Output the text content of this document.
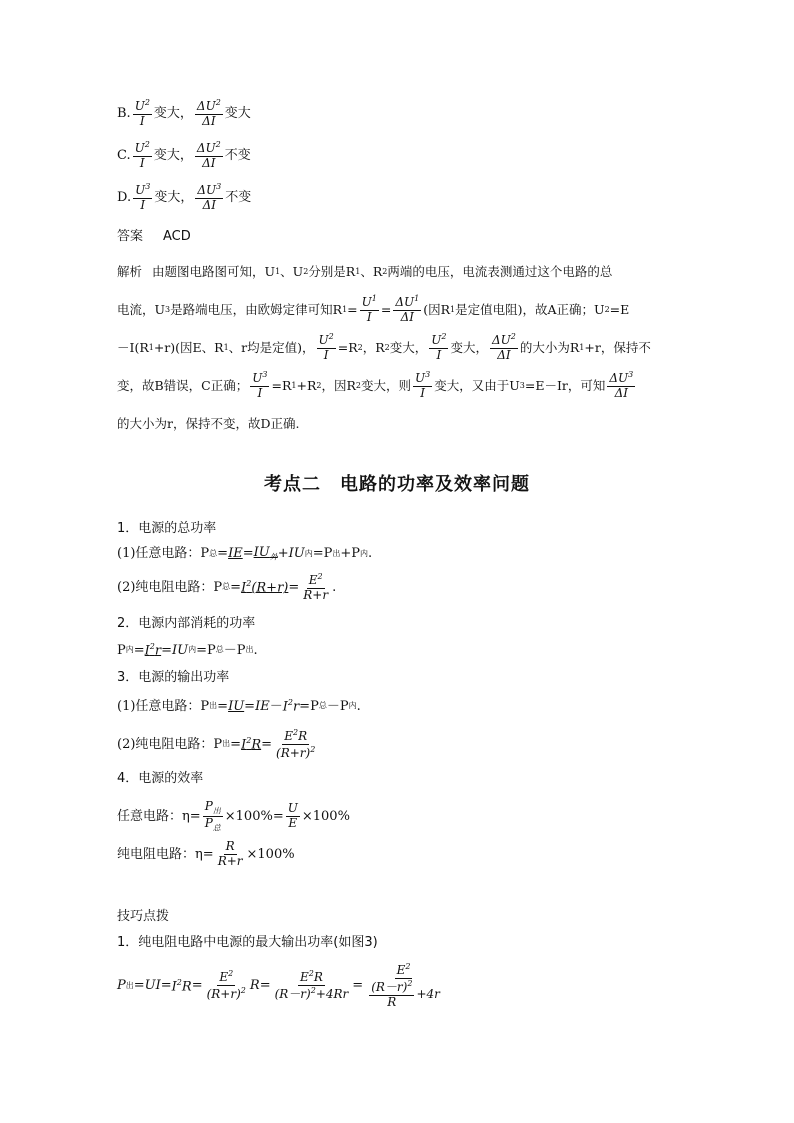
B. $\frac{U^2}{I}$ 变大， $\frac{\Delta U^2}{\Delta I}$ 变大
C. $\frac{U^2}{I}$ 变大， $\frac{\Delta U^2}{\Delta I}$ 不变
D. $\frac{U^3}{I}$ 变大， $\frac{\Delta U^3}{\Delta I}$ 不变
答案 ACD
解析 由题图电路图可知，U 1 、U 2 分别是R 1 、R 2 两端的电压，电流表测通过这个电路的总
电流，U 3 是路端电压，由欧姆定律可知R $1 = \frac{U^1}{I} = \frac{\Delta U^1}{\Delta I}$ (因R 1 是定值电阻)，故A正确；U 2 =E
－I(R 1 +r)(因E、R 1 、r均是定值)， $\frac{U^2}{I} =R$ 2 ，R 2 变大， $\frac{U^2}{I}$ 变大， $\frac{\Delta U^2}{\Delta I}$ 的大小为R 1 +r，保持不
变，故B错误，C正确； $\frac{U^3}{I} =R$ 1 +R 2 ，因R 2 变大，则 $\frac{U^3}{I}$ 变大，又由于U 3 =E－Ir，可知 $\frac{\Delta U^3}{\Delta I}$
的大小为r，保持不变，故D正确.
考点二　电路的功率及效率问题
1．电源的总功率
(1)任意电路：P 总 = IE = $IU_外$ + IU 内 =P 出 +P 内 .
(2)纯电阻电路：P 总 = $I^2(R+r) = \frac{E^2}{R+r}$ .
2．电源内部消耗的功率
P 内 = $I^2r$ = IU 内 =P 总 －P 出 .
3．电源的输出功率
(1)任意电路：P 出 = IU = IE － $I^2r =P$ 总 －P 内 .
(2)纯电阻电路：P 出 = $I^2R = \frac{E^2R}{(R+r)^2}$
4．电源的效率
任意电路：$\eta= \frac{P_出}{P_总} \times 100\% = \frac{U}{E} \times 100\%$
纯电阻电路：$\eta= \frac{R}{R+r} \times 100\%$
技巧点拨
1．纯电阻电路中电源的最大输出功率(如图3)
P 出 = UI = $I^2R = \frac{E^2}{(R+r)^2}$ $R = \frac{E^2R}{(R-r)^2+4Rr} = \frac{E^2}{\frac{(R-r)^2}{R} +4r}$
